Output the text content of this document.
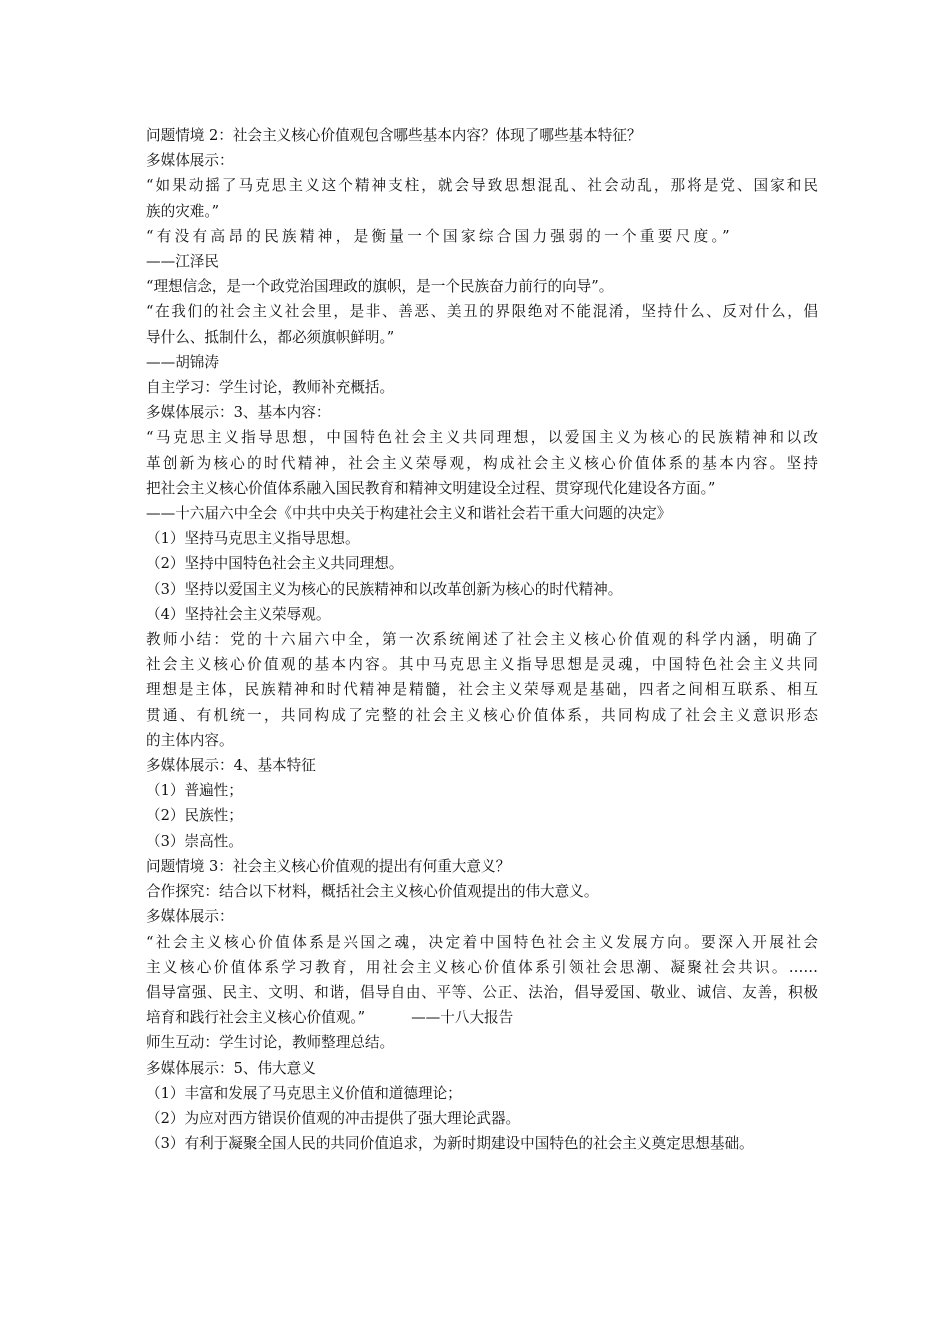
问题情境 2：社会主义核心价值观包含哪些基本内容？体现了哪些基本特征？
多媒体展示：
“如果动摇了马克思主义这个精神支柱，就会导致思想混乱、社会动乱，那将是党、国家和民
族的灾难。”
“有没有高昂的民族精神，是衡量一个国家综合国力强弱的一个重要尺度。”
——江泽民
“理想信念，是一个政党治国理政的旗帜，是一个民族奋力前行的向导”。
“在我们的社会主义社会里，是非、善恶、美丑的界限绝对不能混淆，坚持什么、反对什么，倡
导什么、抵制什么，都必须旗帜鲜明。”
——胡锦涛
自主学习：学生讨论，教师补充概括。
多媒体展示：3、基本内容：
“马克思主义指导思想，中国特色社会主义共同理想，以爱国主义为核心的民族精神和以改
革创新为核心的时代精神，社会主义荣辱观，构成社会主义核心价值体系的基本内容。坚持
把社会主义核心价值体系融入国民教育和精神文明建设全过程、贯穿现代化建设各方面。”
——十六届六中全会《中共中央关于构建社会主义和谐社会若干重大问题的决定》
（1）坚持马克思主义指导思想。
（2）坚持中国特色社会主义共同理想。
（3）坚持以爱国主义为核心的民族精神和以改革创新为核心的时代精神。
（4）坚持社会主义荣辱观。
教师小结：党的十六届六中全，第一次系统阐述了社会主义核心价值观的科学内涵，明确了
社会主义核心价值观的基本内容。其中马克思主义指导思想是灵魂，中国特色社会主义共同
理想是主体，民族精神和时代精神是精髓，社会主义荣辱观是基础，四者之间相互联系、相互
贯通、有机统一，共同构成了完整的社会主义核心价值体系，共同构成了社会主义意识形态
的主体内容。
多媒体展示：4、基本特征
（1）普遍性；
（2）民族性；
（3）崇高性。
问题情境 3：社会主义核心价值观的提出有何重大意义？
合作探究：结合以下材料，概括社会主义核心价值观提出的伟大意义。
多媒体展示：
“社会主义核心价值体系是兴国之魂，决定着中国特色社会主义发展方向。要深入开展社会
主义核心价值体系学习教育，用社会主义核心价值体系引领社会思潮、凝聚社会共识。……
倡导富强、民主、文明、和谐，倡导自由、平等、公正、法治，倡导爱国、敬业、诚信、友善，积极
培育和践行社会主义核心价值观。”	——十八大报告
师生互动：学生讨论，教师整理总结。
多媒体展示：5、伟大意义
（1）丰富和发展了马克思主义价值和道德理论；
（2）为应对西方错误价值观的冲击提供了强大理论武器。
（3）有利于凝聚全国人民的共同价值追求，为新时期建设中国特色的社会主义奠定思想基础。
